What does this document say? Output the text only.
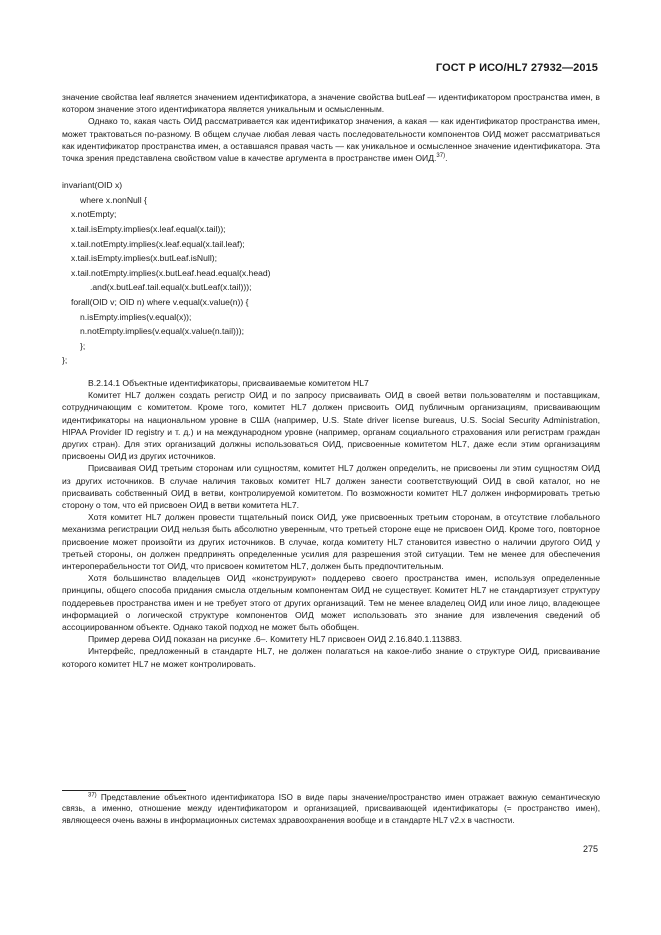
ГОСТ Р ИСО/HL7 27932—2015

значение свойства leaf является значением идентификатора, а значение свойства butLeaf — идентификатором пространства имен, в котором значение этого идентификатора является уникальным и осмысленным.

Однако то, какая часть ОИД рассматривается как идентификатор значения, а какая — как идентификатор пространства имен, может трактоваться по-разному. В общем случае любая левая часть последовательности компонентов ОИД может рассматриваться как идентификатор пространства имен, а оставшаяся правая часть — как уникальное и осмысленное значение идентификатора. Эта точка зрения представлена свойством value в качестве аргумента в пространстве имен ОИД.$^{37)}$.

invariant(OID x)
where x.nonNull {
x.notEmpty;
x.tail.isEmpty.implies(x.leaf.equal(x.tail));
x.tail.notEmpty.implies(x.leaf.equal(x.tail.leaf);
x.tail.isEmpty.implies(x.butLeaf.isNull);
x.tail.notEmpty.implies(x.butLeaf.head.equal(x.head)
.and(x.butLeaf.tail.equal(x.butLeaf(x.tail)));
forall(OID v; OID n) where v.equal(x.value(n)) {
n.isEmpty.implies(v.equal(x));
n.notEmpty.implies(v.equal(x.value(n.tail)));
};
};

В.2.14.1 Объектные идентификаторы, присваиваемые комитетом HL7

Комитет HL7 должен создать регистр ОИД и по запросу присваивать ОИД в своей ветви пользователям и поставщикам, сотрудничающим с комитетом. Кроме того, комитет HL7 должен присвоить ОИД публичным организациям, присваивающим идентификаторы на национальном уровне в США (например, U.S. State driver license bureaus, U.S. Social Security Administration, HIPAA Provider ID registry и т. д.) и на международном уровне (например, органам социального страхования или регистрам граждан других стран). Для этих организаций должны использоваться ОИД, присвоенные комитетом HL7, даже если этим организациям присвоены ОИД из других источников.

Присваивая ОИД третьим сторонам или сущностям, комитет HL7 должен определить, не присвоены ли этим сущностям ОИД из других источников. В случае наличия таковых комитет HL7 должен занести соответствующий ОИД в свой каталог, но не присваивать собственный ОИД в ветви, контролируемой комитетом. По возможности комитет HL7 должен информировать третью сторону о том, что ей присвоен ОИД в ветви комитета HL7.

Хотя комитет HL7 должен провести тщательный поиск ОИД, уже присвоенных третьим сторонам, в отсутствие глобального механизма регистрации ОИД нельзя быть абсолютно уверенным, что третьей стороне еще не присвоен ОИД. Кроме того, повторное присвоение может произойти из других источников. В случае, когда комитету HL7 становится известно о наличии другого ОИД у третьей стороны, он должен предпринять определенные усилия для разрешения этой ситуации. Тем не менее для обеспечения интероперабельности тот ОИД, что присвоен комитетом HL7, должен быть предпочтительным.

Хотя большинство владельцев ОИД «конструируют» поддерево своего пространства имен, используя определенные принципы, общего способа придания смысла отдельным компонентам ОИД не существует. Комитет HL7 не стандартизует структуру поддеревьев пространства имен и не требует этого от других организаций. Тем не менее владелец ОИД или иное лицо, владеющее информацией о логической структуре компонентов ОИД может использовать это знание для извлечения сведений об ассоциированном объекте. Однако такой подход не может быть обобщен.

Пример дерева ОИД показан на рисунке .6–. Комитету HL7 присвоен ОИД 2.16.840.1.113883.

Интерфейс, предложенный в стандарте HL7, не должен полагаться на какое-либо знание о структуре ОИД, присваивание которого комитет HL7 не может контролировать.

$^{37)}$ Представление объектного идентификатора ISO в виде пары значение/пространство имен отражает важную семантическую связь, а именно, отношение между идентификатором и организацией, присваивающей идентификаторы (= пространство имен), являющееся очень важны в информационных системах здравоохранения вообще и в стандарте HL7 v2.x в частности.
275
